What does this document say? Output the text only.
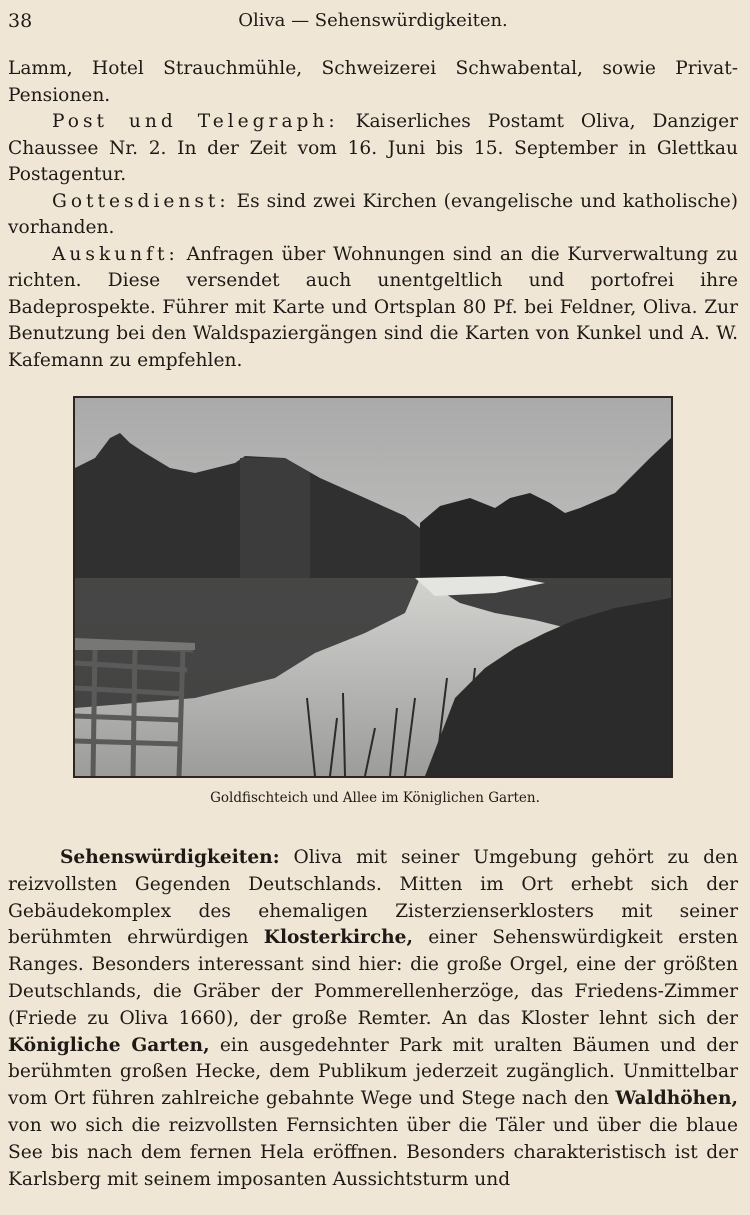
38	Oliva — Sehenswürdigkeiten.

Lamm, Hotel Strauchmühle, Schweizerei Schwabental, sowie Privat-Pensionen.

Post und Telegraph: Kaiserliches Postamt Oliva, Danziger Chaussee Nr. 2. In der Zeit vom 16. Juni bis 15. September in Glettkau Postagentur.

Gottesdienst: Es sind zwei Kirchen (evangelische und katholische) vorhanden.

Auskunft: Anfragen über Wohnungen sind an die Kurverwaltung zu richten. Diese versendet auch unentgeltlich und portofrei ihre Badeprospekte. Führer mit Karte und Ortsplan 80 Pf. bei Feldner, Oliva. Zur Benutzung bei den Waldspaziergängen sind die Karten von Kunkel und A. W. Kafemann zu empfehlen.

Goldfischteich und Allee im Königlichen Garten.

Sehenswürdigkeiten: Oliva mit seiner Umgebung gehört zu den reizvollsten Gegenden Deutschlands. Mitten im Ort erhebt sich der Gebäudekomplex des ehemaligen Zisterzienserklosters mit seiner berühmten ehrwürdigen Klosterkirche, einer Sehenswürdigkeit ersten Ranges. Besonders interessant sind hier: die große Orgel, eine der größten Deutschlands, die Gräber der Pommerellenherzöge, das Friedens-Zimmer (Friede zu Oliva 1660), der große Remter. An das Kloster lehnt sich der Königliche Garten, ein ausgedehnter Park mit uralten Bäumen und der berühmten großen Hecke, dem Publikum jederzeit zugänglich. Unmittelbar vom Ort führen zahlreiche gebahnte Wege und Stege nach den Waldhöhen, von wo sich die reizvollsten Fernsichten über die Täler und über die blaue See bis nach dem fernen Hela eröffnen. Besonders charakteristisch ist der Karlsberg mit seinem imposanten Aussichtsturm und
